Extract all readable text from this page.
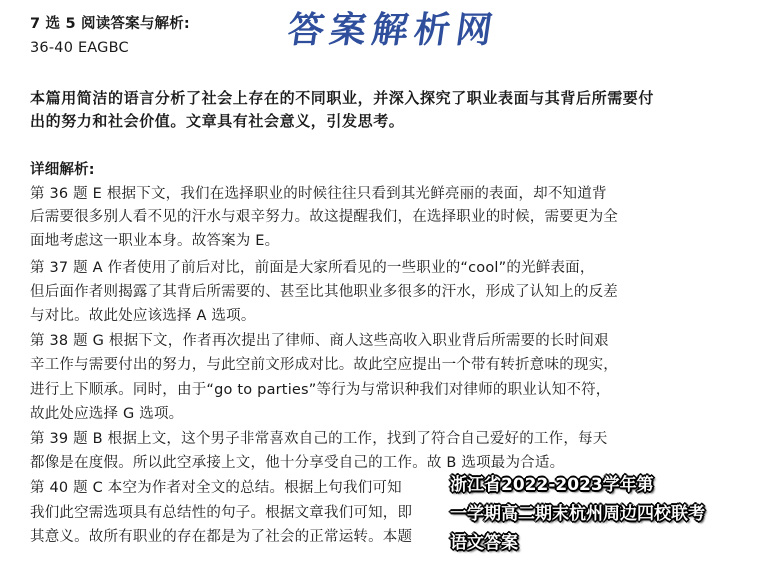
7 选 5 阅读答案与解析:
36-40 EAGBC	答案解析网
本篇用简洁的语言分析了社会上存在的不同职业，并深入探究了职业表面与其背后所需要付
出的努力和社会价值。文章具有社会意义，引发思考。
详细解析:
第 36 题 E 根据下文，我们在选择职业的时候往往只看到其光鲜亮丽的表面，却不知道背
后需要很多别人看不见的汗水与艰辛努力。故这提醒我们，在选择职业的时候，需要更为全
面地考虑这一职业本身。故答案为 E。
第 37 题 A 作者使用了前后对比，前面是大家所看见的一些职业的“cool”的光鲜表面，
但后面作者则揭露了其背后所需要的、甚至比其他职业多很多的汗水，形成了认知上的反差
与对比。故此处应该选择 A 选项。
第 38 题 G 根据下文，作者再次提出了律师、商人这些高收入职业背后所需要的长时间艰
辛工作与需要付出的努力，与此空前文形成对比。故此空应提出一个带有转折意味的现实，
进行上下顺承。同时，由于“go to parties”等行为与常识种我们对律师的职业认知不符，
故此处应选择 G 选项。
第 39 题 B 根据上文，这个男子非常喜欢自己的工作，找到了符合自己爱好的工作，每天
都像是在度假。所以此空承接上文，他十分享受自己的工作。故 B 选项最为合适。
第 40 题 C 本空为作者对全文的总结。根据上句我们可知
我们此空需选项具有总结性的句子。根据文章我们可知，即
其意义。故所有职业的存在都是为了社会的正常运转。本题
浙江省2022-2023学年第
一学期高二期末杭州周边四校联考
语文答案
